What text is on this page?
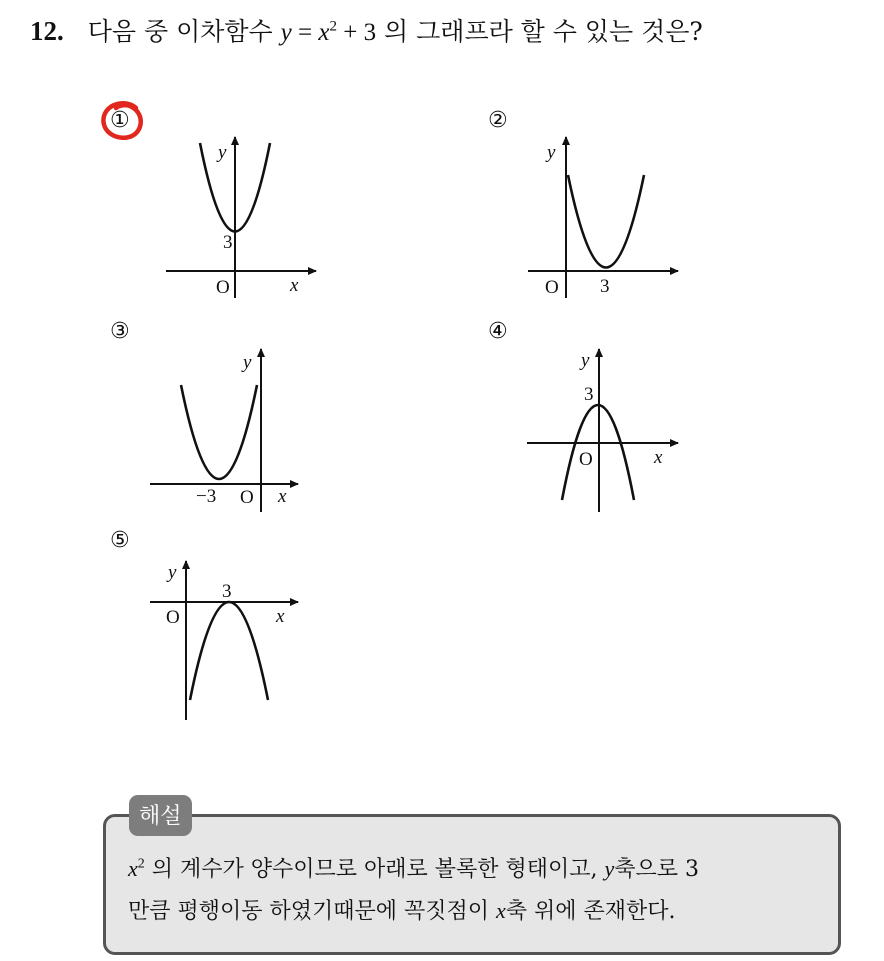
12. 다음 중 이차함수 $y = x^2 + 3$ 의 그래프라 할 수 있는 것은?
①	②
③	④
⑤
y
x
O
3
y
O 3
y
x
O
−3
y
x
O
3
y
x
O
3
해설
$x^2$ 의 계수가 양수이므로 아래로 볼록한 형태이고, y축으로 3
만큼 평행이동 하였기때문에 꼭짓점이 x축 위에 존재한다.
